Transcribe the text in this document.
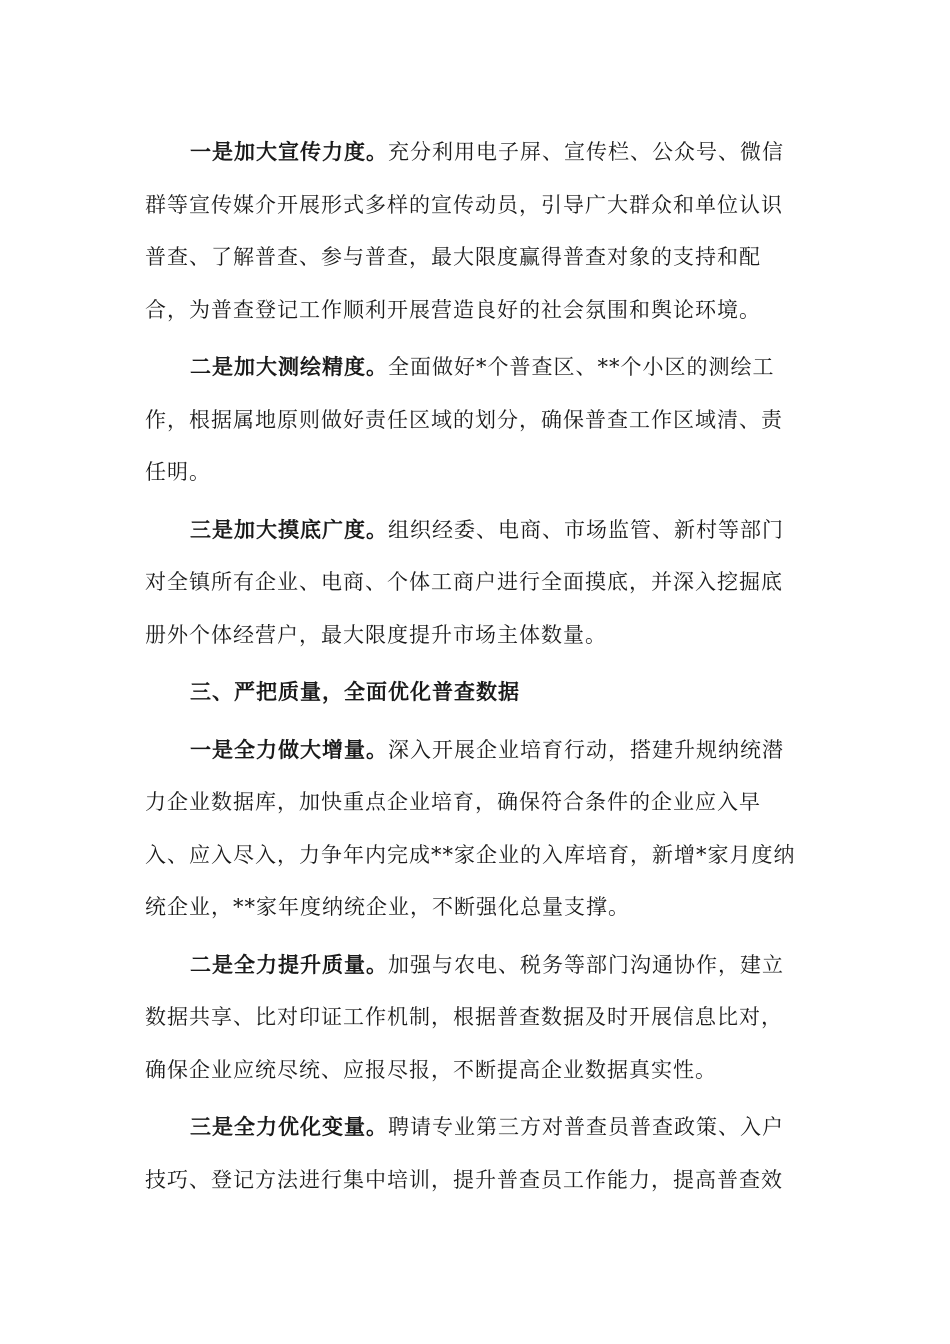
一是加大宣传力度。充分利用电子屏、宣传栏、公众号、微信
群等宣传媒介开展形式多样的宣传动员，引导广大群众和单位认识
普查、了解普查、参与普查，最大限度赢得普查对象的支持和配
合，为普查登记工作顺利开展营造良好的社会氛围和舆论环境。

二是加大测绘精度。全面做好*个普查区、**个小区的测绘工
作，根据属地原则做好责任区域的划分，确保普查工作区域清、责
任明。

三是加大摸底广度。组织经委、电商、市场监管、新村等部门
对全镇所有企业、电商、个体工商户进行全面摸底，并深入挖掘底
册外个体经营户，最大限度提升市场主体数量。

三、严把质量，全面优化普查数据

一是全力做大增量。深入开展企业培育行动，搭建升规纳统潜
力企业数据库，加快重点企业培育，确保符合条件的企业应入早
入、应入尽入，力争年内完成**家企业的入库培育，新增*家月度纳
统企业，**家年度纳统企业，不断强化总量支撑。

二是全力提升质量。加强与农电、税务等部门沟通协作，建立
数据共享、比对印证工作机制，根据普查数据及时开展信息比对，
确保企业应统尽统、应报尽报，不断提高企业数据真实性。

三是全力优化变量。聘请专业第三方对普查员普查政策、入户
技巧、登记方法进行集中培训，提升普查员工作能力，提高普查效
